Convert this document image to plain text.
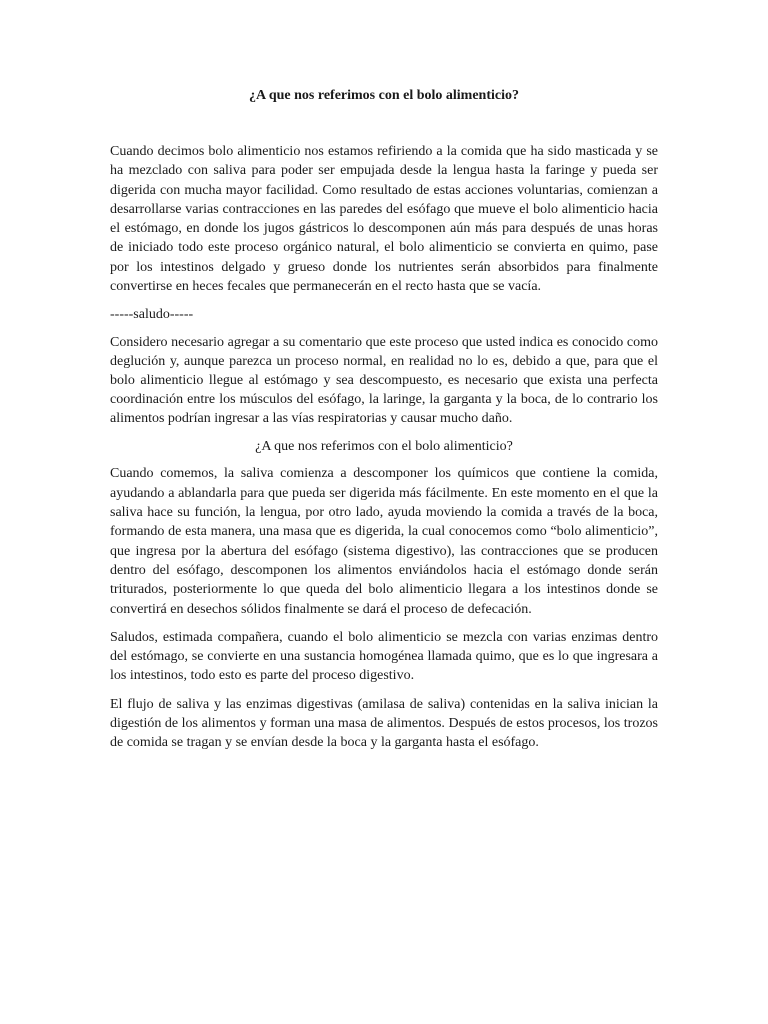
¿A que nos referimos con el bolo alimenticio?

Cuando decimos bolo alimenticio nos estamos refiriendo a la comida que ha sido masticada y se ha mezclado con saliva para poder ser empujada desde la lengua hasta la faringe y pueda ser digerida con mucha mayor facilidad. Como resultado de estas acciones voluntarias, comienzan a desarrollarse varias contracciones en las paredes del esófago que mueve el bolo alimenticio hacia el estómago, en donde los jugos gástricos lo descomponen aún más para después de unas horas de iniciado todo este proceso orgánico natural, el bolo alimenticio se convierta en quimo, pase por los intestinos delgado y grueso donde los nutrientes serán absorbidos para finalmente convertirse en heces fecales que permanecerán en el recto hasta que se vacía.

-----saludo-----

Considero necesario agregar a su comentario que este proceso que usted indica es conocido como deglución y, aunque parezca un proceso normal, en realidad no lo es, debido a que, para que el bolo alimenticio llegue al estómago y sea descompuesto, es necesario que exista una perfecta coordinación entre los músculos del esófago, la laringe, la garganta y la boca, de lo contrario los alimentos podrían ingresar a las vías respiratorias y causar mucho daño.

¿A que nos referimos con el bolo alimenticio?

Cuando comemos, la saliva comienza a descomponer los químicos que contiene la comida, ayudando a ablandarla para que pueda ser digerida más fácilmente. En este momento en el que la saliva hace su función, la lengua, por otro lado, ayuda moviendo la comida a través de la boca, formando de esta manera, una masa que es digerida, la cual conocemos como “bolo alimenticio”, que ingresa por la abertura del esófago (sistema digestivo), las contracciones que se producen dentro del esófago, descomponen los alimentos enviándolos hacia el estómago donde serán triturados, posteriormente lo que queda del bolo alimenticio llegara a los intestinos donde se convertirá en desechos sólidos finalmente se dará el proceso de defecación.

Saludos, estimada compañera, cuando el bolo alimenticio se mezcla con varias enzimas dentro del estómago, se convierte en una sustancia homogénea llamada quimo, que es lo que ingresara a los intestinos, todo esto es parte del proceso digestivo.

El flujo de saliva y las enzimas digestivas (amilasa de saliva) contenidas en la saliva inician la digestión de los alimentos y forman una masa de alimentos. Después de estos procesos, los trozos de comida se tragan y se envían desde la boca y la garganta hasta el esófago.
